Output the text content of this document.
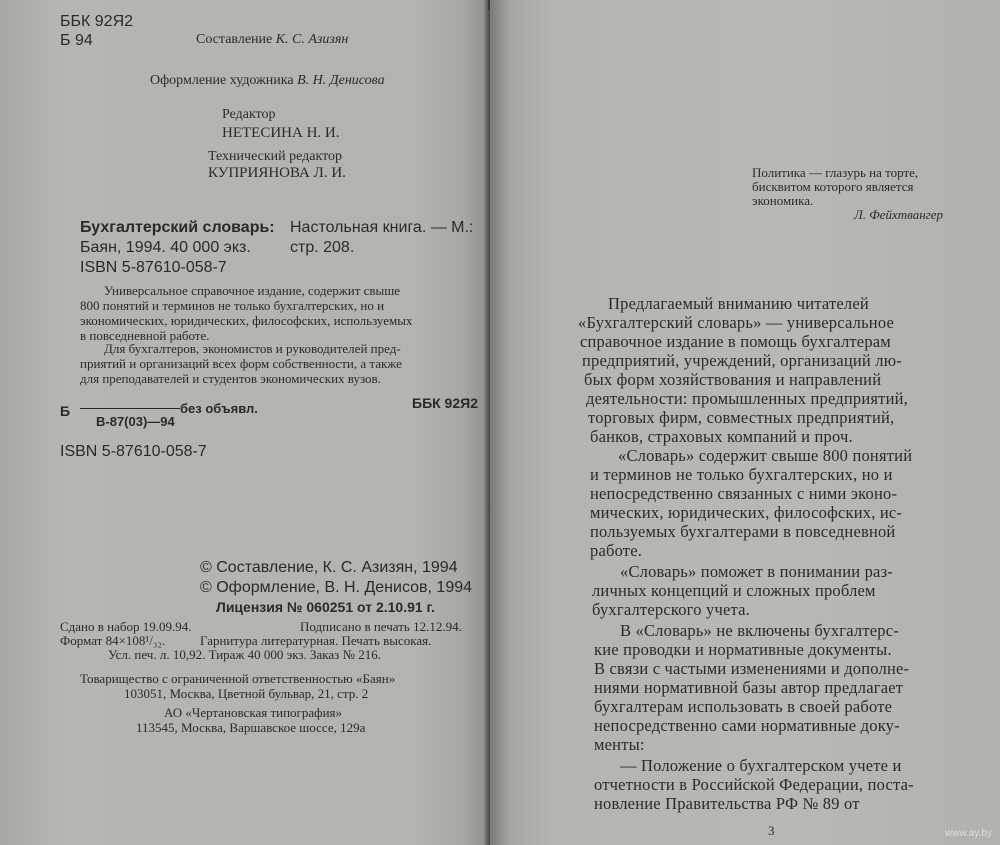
ББК 92Я2
Б 94	Составление К. С. Азизян
Оформление художника В. Н. Денисова
Редактор
НЕТЕСИНА Н. И.
Технический редактор
КУПРИЯНОВА Л. И.
Бухгалтерский словарь: Настольная книга. — М.:
Баян, 1994. 40 000 экз. стр. 208.
ISBN 5-87610-058-7
Универсальное справочное издание, содержит свыше
800 понятий и терминов не только бухгалтерских, но и
экономических, юридических, философских, используемых
в повседневной работе.
Для бухгалтеров, экономистов и руководителей пред-
приятий и организаций всех форм собственности, а также
для преподавателей и студентов экономических вузов.
Б	без объявл.
В-87(03)—94
ББК 92Я2
ISBN 5-87610-058-7
© Составление, К. С. Азизян, 1994
© Оформление, В. Н. Денисов, 1994
Лицензия № 060251 от 2.10.91 г.
Сдано в набор 19.09.94.	Подписано в печать 12.12.94.
Формат 84×108¹/₃₂.	Гарнитура литературная. Печать высокая.
Усл. печ. л. 10,92. Тираж 40 000 экз. Заказ № 216.
Товарищество с ограниченной ответственностью «Баян»
103051, Москва, Цветной бульвар, 21, стр. 2
АО «Чертановская типография»
113545, Москва, Варшавское шоссе, 129а
Политика — глазурь на торте,
бисквитом которого является
экономика.
Л. Фейхтвангер
Предлагаемый вниманию читателей
«Бухгалтерский словарь» — универсальное
справочное издание в помощь бухгалтерам
предприятий, учреждений, организаций лю-
бых форм хозяйствования и направлений
деятельности: промышленных предприятий,
торговых фирм, совместных предприятий,
банков, страховых компаний и проч.
«Словарь» содержит свыше 800 понятий
и терминов не только бухгалтерских, но и
непосредственно связанных с ними эконо-
мических, юридических, философских, ис-
пользуемых бухгалтерами в повседневной
работе.
«Словарь» поможет в понимании раз-
личных концепций и сложных проблем
бухгалтерского учета.
В «Словарь» не включены бухгалтерс-
кие проводки и нормативные документы.
В связи с частыми изменениями и дополне-
ниями нормативной базы автор предлагает
бухгалтерам использовать в своей работе
непосредственно сами нормативные доку-
менты:
— Положение о бухгалтерском учете и
отчетности в Российской Федерации, поста-
новление Правительства РФ № 89 от
3	www.ay.by
